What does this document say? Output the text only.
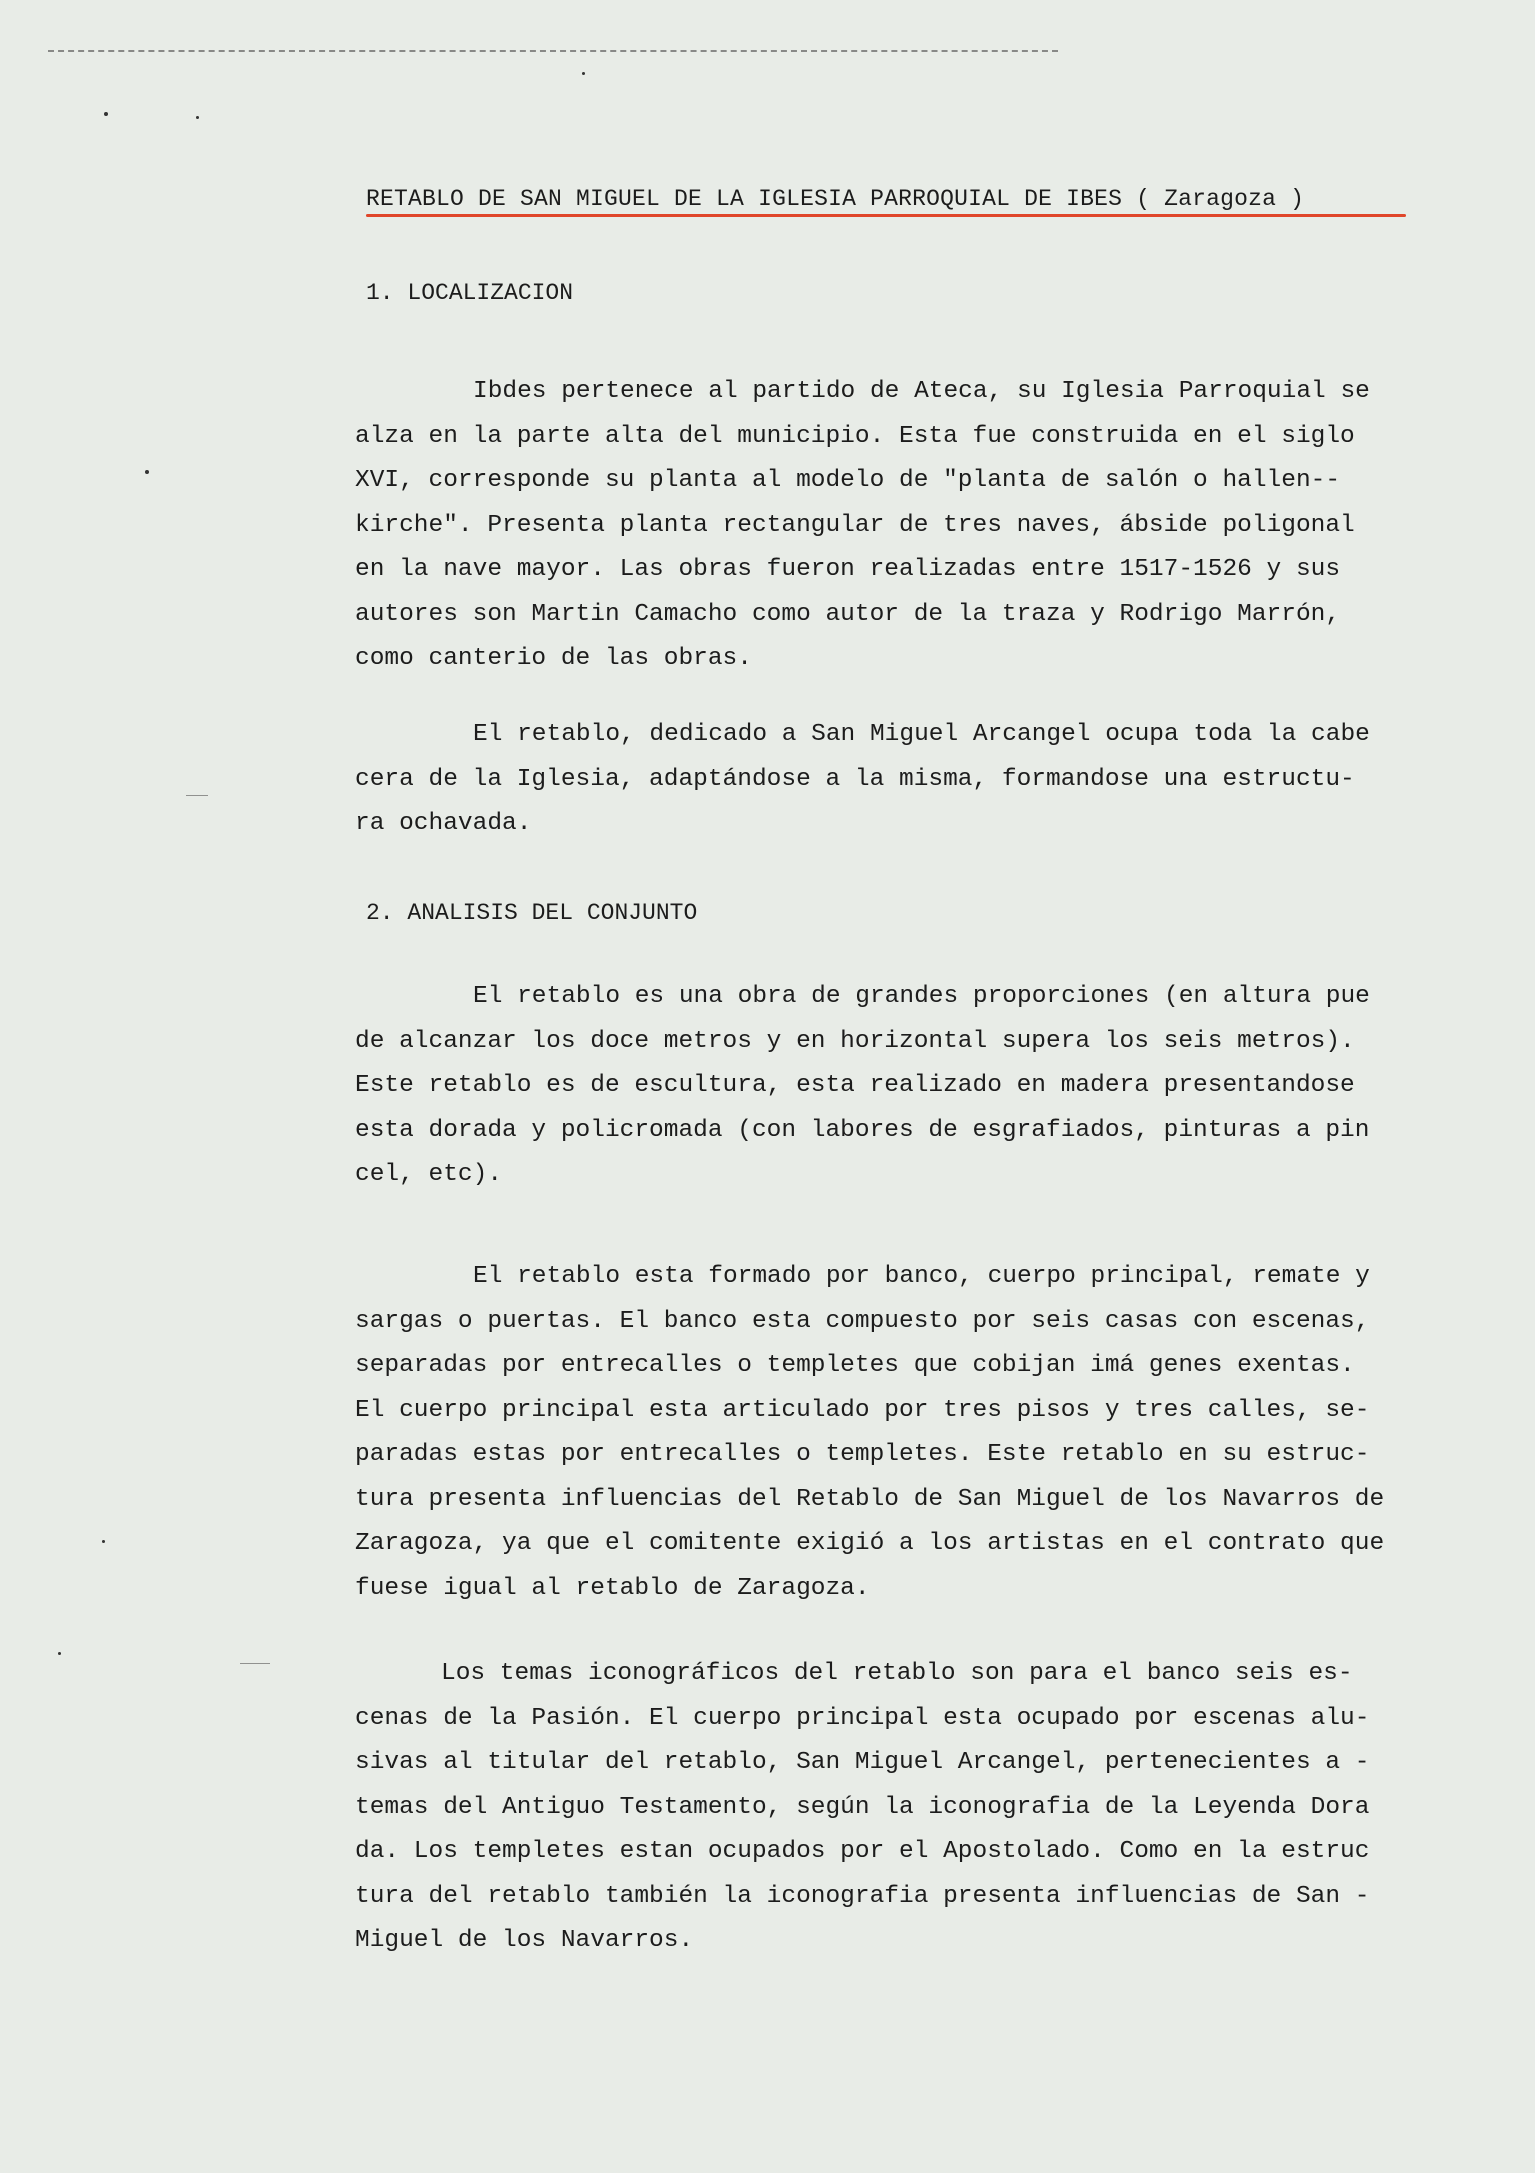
RETABLO DE SAN MIGUEL DE LA IGLESIA PARROQUIAL DE IBES ( Zaragoza )
1. LOCALIZACION
Ibdes pertenece al partido de Ateca, su Iglesia Parroquial se
alza en la parte alta del municipio. Esta fue construida en el siglo
XVI, corresponde su planta al modelo de "planta de salón o hallen--
kirche". Presenta planta rectangular de tres naves, ábside poligonal
en la nave mayor. Las obras fueron realizadas entre 1517-1526 y sus
autores son Martin Camacho como autor de la traza y Rodrigo Marrón,
como canterio de las obras.
El retablo, dedicado a San Miguel Arcangel ocupa toda la cabe
cera de la Iglesia, adaptándose a la misma, formandose una estructu-
ra ochavada.
2. ANALISIS DEL CONJUNTO
El retablo es una obra de grandes proporciones (en altura pue
de alcanzar los doce metros y en horizontal supera los seis metros).
Este retablo es de escultura, esta realizado en madera presentandose
esta dorada y policromada (con labores de esgrafiados, pinturas a pin
cel, etc).
El retablo esta formado por banco, cuerpo principal, remate y
sargas o puertas. El banco esta compuesto por seis casas con escenas,
separadas por entrecalles o templetes que cobijan imá genes exentas.
El cuerpo principal esta articulado por tres pisos y tres calles, se-
paradas estas por entrecalles o templetes. Este retablo en su estruc-
tura presenta influencias del Retablo de San Miguel de los Navarros de
Zaragoza, ya que el comitente exigió a los artistas en el contrato que
fuese igual al retablo de Zaragoza.
Los temas iconográficos del retablo son para el banco seis es-
cenas de la Pasión. El cuerpo principal esta ocupado por escenas alu-
sivas al titular del retablo, San Miguel Arcangel, pertenecientes a -
temas del Antiguo Testamento, según la iconografia de la Leyenda Dora
da. Los templetes estan ocupados por el Apostolado. Como en la estruc
tura del retablo también la iconografia presenta influencias de San -
Miguel de los Navarros.
